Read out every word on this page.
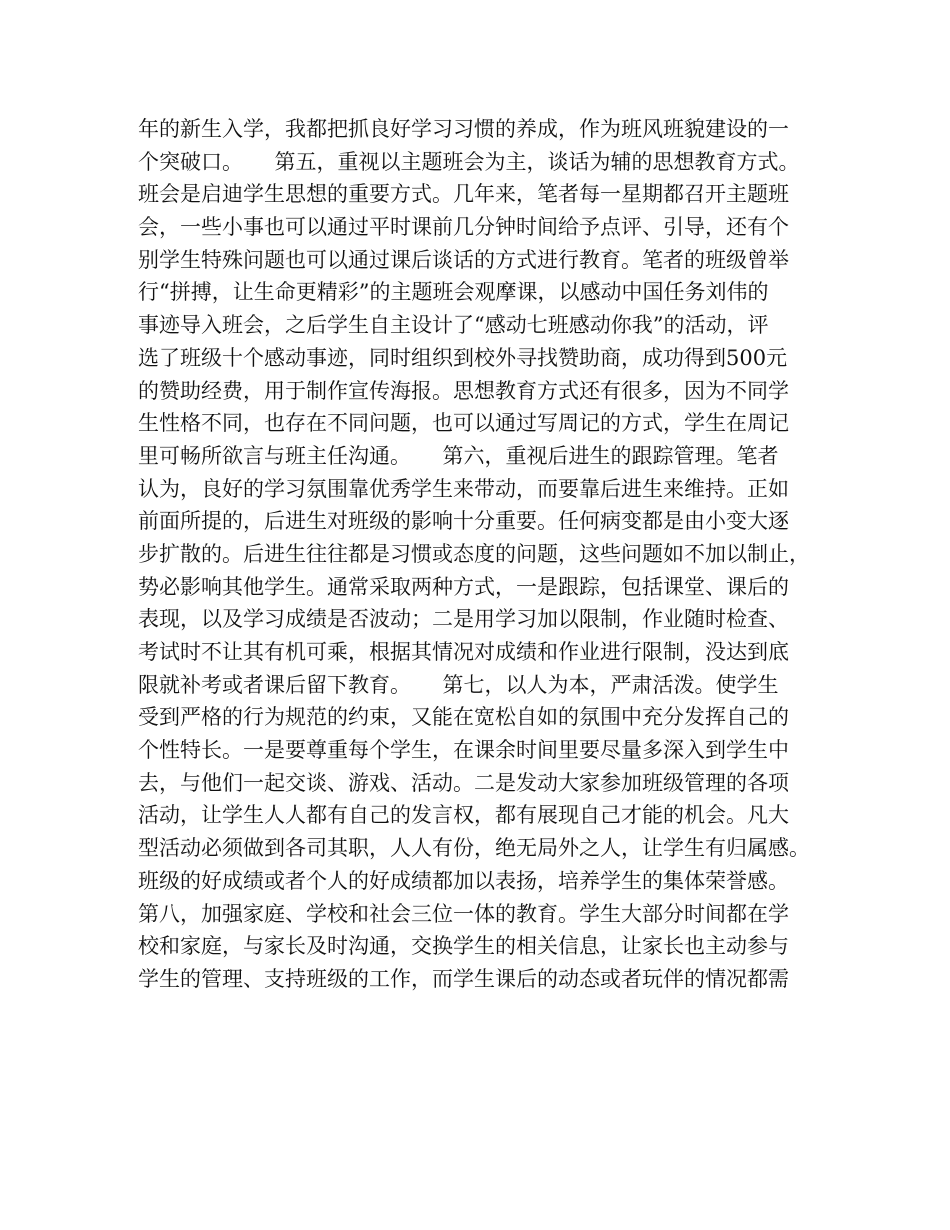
年的新生入学，我都把抓良好学习习惯的养成，作为班风班貌建设的一
个突破口。　　第五，重视以主题班会为主，谈话为辅的思想教育方式。
班会是启迪学生思想的重要方式。几年来，笔者每一星期都召开主题班
会，一些小事也可以通过平时课前几分钟时间给予点评、引导，还有个
别学生特殊问题也可以通过课后谈话的方式进行教育。笔者的班级曾举
行“拼搏，让生命更精彩”的主题班会观摩课，以感动中国任务刘伟的
事迹导入班会，之后学生自主设计了“感动七班感动你我”的活动，评
选了班级十个感动事迹，同时组织到校外寻找赞助商，成功得到500元
的赞助经费，用于制作宣传海报。思想教育方式还有很多，因为不同学
生性格不同，也存在不同问题，也可以通过写周记的方式，学生在周记
里可畅所欲言与班主任沟通。　　第六，重视后进生的跟踪管理。笔者
认为，良好的学习氛围靠优秀学生来带动，而要靠后进生来维持。正如
前面所提的，后进生对班级的影响十分重要。任何病变都是由小变大逐
步扩散的。后进生往往都是习惯或态度的问题，这些问题如不加以制止，
势必影响其他学生。通常采取两种方式，一是跟踪，包括课堂、课后的
表现，以及学习成绩是否波动；二是用学习加以限制，作业随时检查、
考试时不让其有机可乘，根据其情况对成绩和作业进行限制，没达到底
限就补考或者课后留下教育。　　第七，以人为本，严肃活泼。使学生
受到严格的行为规范的约束，又能在宽松自如的氛围中充分发挥自己的
个性特长。一是要尊重每个学生，在课余时间里要尽量多深入到学生中
去，与他们一起交谈、游戏、活动。二是发动大家参加班级管理的各项
活动，让学生人人都有自己的发言权，都有展现自己才能的机会。凡大
型活动必须做到各司其职，人人有份，绝无局外之人，让学生有归属感。
班级的好成绩或者个人的好成绩都加以表扬，培养学生的集体荣誉感。
第八，加强家庭、学校和社会三位一体的教育。学生大部分时间都在学
校和家庭，与家长及时沟通，交换学生的相关信息，让家长也主动参与
学生的管理、支持班级的工作，而学生课后的动态或者玩伴的情况都需
